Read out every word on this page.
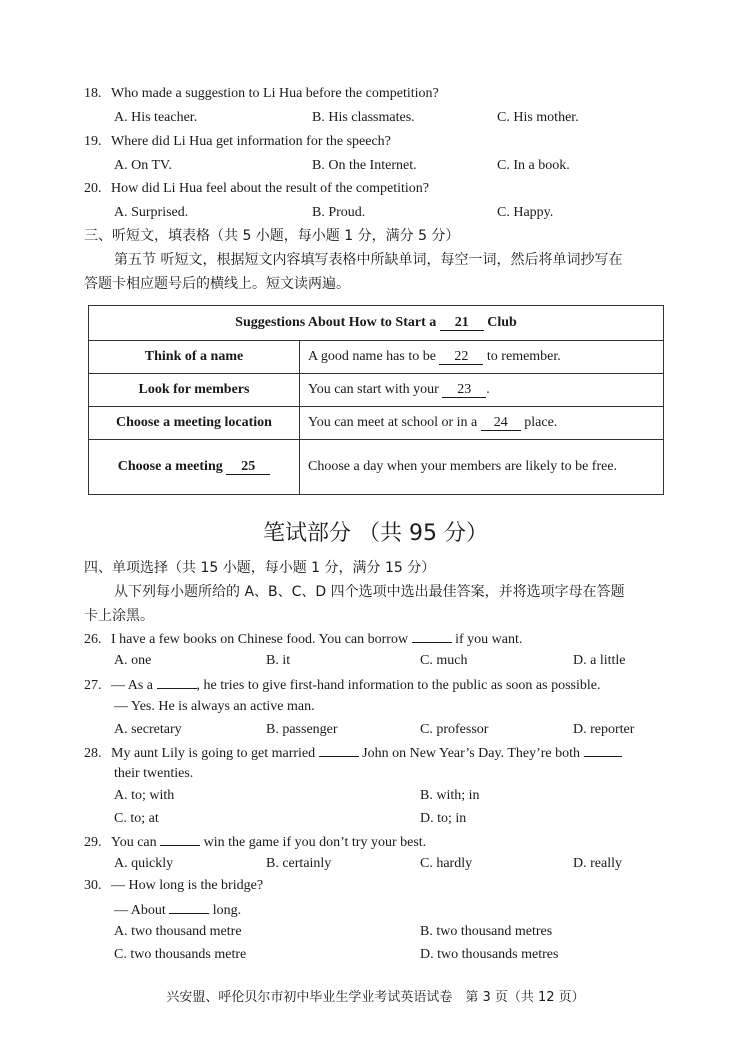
18. Who made a suggestion to Li Hua before the competition?
A. His teacher.	B. His classmates.	C. His mother.
19. Where did Li Hua get information for the speech?
A. On TV.	B. On the Internet.	C. In a book.
20. How did Li Hua feel about the result of the competition?
A. Surprised.	B. Proud.	C. Happy.
三、听短文，填表格（共 5 小题，每小题 1 分，满分 5 分）
第五节 听短文，根据短文内容填写表格中所缺单词，每空一词，然后将单词抄写在
答题卡相应题号后的横线上。短文读两遍。
Suggestions About How to Start a 21 Club	
Think of a name	A good name has to be 22 to remember.
Look for members	You can start with your 23 .
Choose a meeting location	You can meet at school or in a 24 place.
Choose a meeting 25	Choose a day when your members are likely to be free.
笔试部分 （共 95 分）
四、单项选择（共 15 小题，每小题 1 分，满分 15 分）
从下列每小题所给的 A、B、C、D 四个选项中选出最佳答案，并将选项字母在答题
卡上涂黑。
26. I have a few books on Chinese food. You can borrow	if you want.
A. one	B. it	C. much	D. a little
27. — As a	, he tries to give first-hand information to the public as soon as possible.
— Yes. He is always an active man.
A. secretary	B. passenger	C. professor	D. reporter
28. My aunt Lily is going to get married	John on New Year’s Day. They’re both
their twenties.
A. to; with	B. with; in
C. to; at	D. to; in
29. You can	win the game if you don’t try your best.
A. quickly	B. certainly	C. hardly	D. really
30. — How long is the bridge?
— About	long.
A. two thousand metre	B. two thousand metres
C. two thousands metre	D. two thousands metres
兴安盟、呼伦贝尔市初中毕业生学业考试英语试卷　第 3 页（共 12 页）
